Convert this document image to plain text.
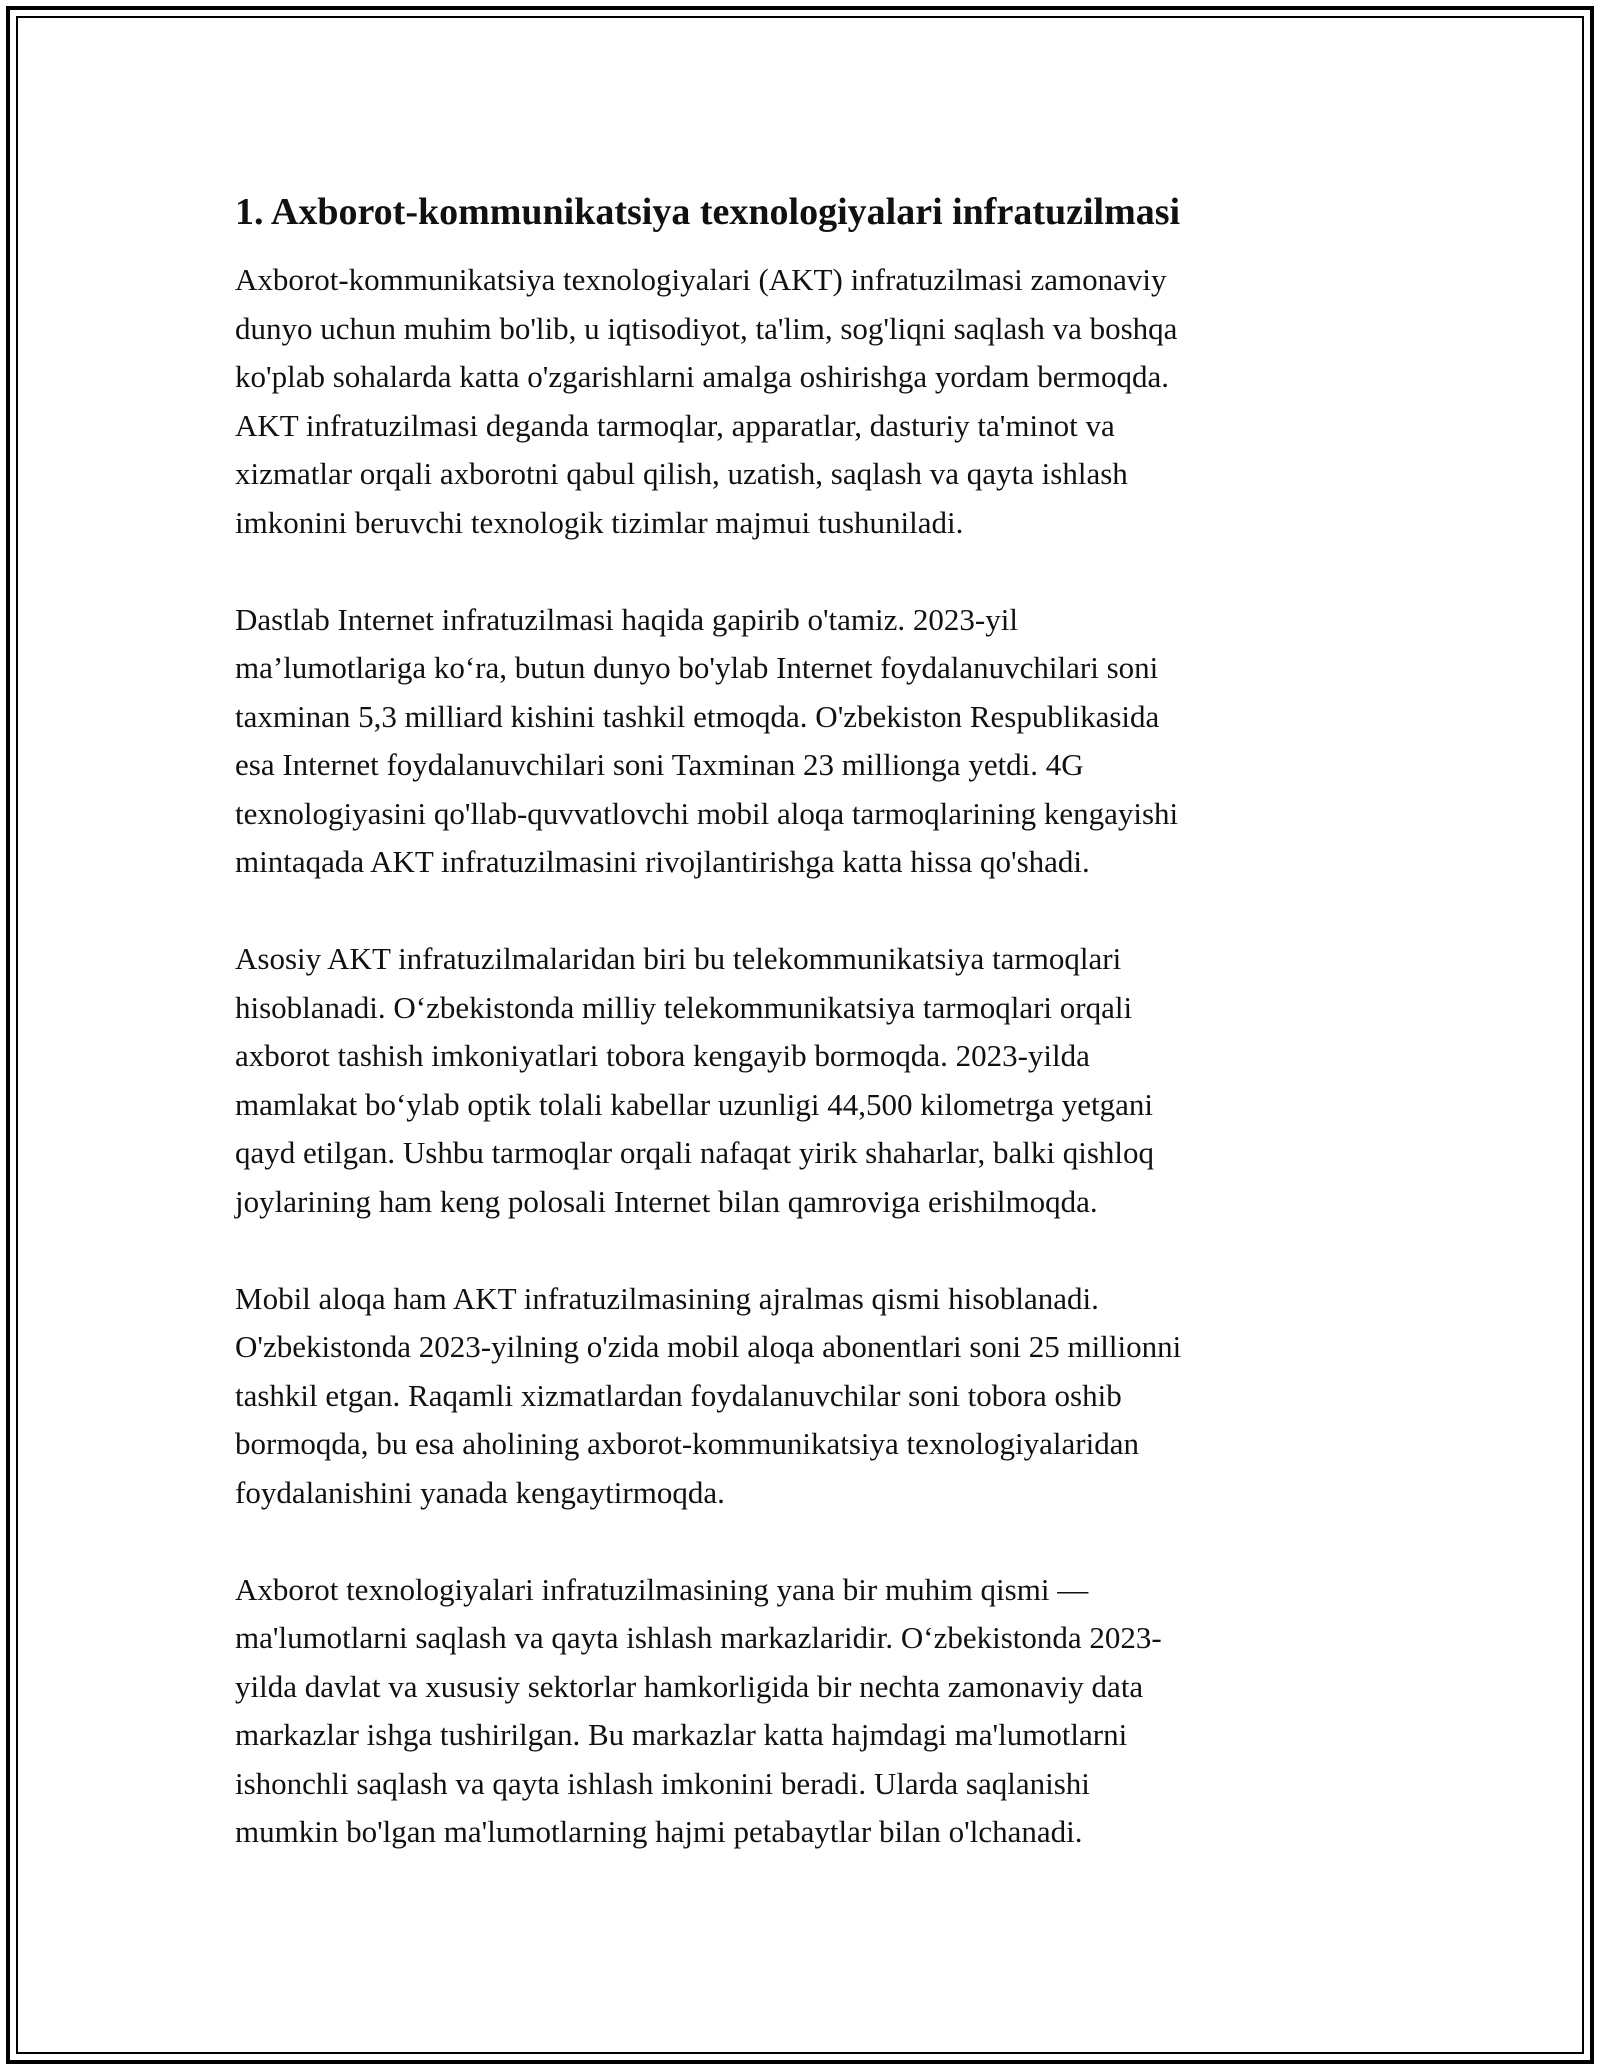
1. Axborot-kommunikatsiya texnologiyalari infratuzilmasi

Axborot-kommunikatsiya texnologiyalari (AKT) infratuzilmasi zamonaviy
dunyo uchun muhim bo'lib, u iqtisodiyot, ta'lim, sog'liqni saqlash va boshqa
ko'plab sohalarda katta o'zgarishlarni amalga oshirishga yordam bermoqda.
AKT infratuzilmasi deganda tarmoqlar, apparatlar, dasturiy ta'minot va
xizmatlar orqali axborotni qabul qilish, uzatish, saqlash va qayta ishlash
imkonini beruvchi texnologik tizimlar majmui tushuniladi.

Dastlab Internet infratuzilmasi haqida gapirib o'tamiz. 2023-yil
ma’lumotlariga ko‘ra, butun dunyo bo'ylab Internet foydalanuvchilari soni
taxminan 5,3 milliard kishini tashkil etmoqda. O'zbekiston Respublikasida
esa Internet foydalanuvchilari soni Taxminan 23 millionga yetdi. 4G
texnologiyasini qo'llab-quvvatlovchi mobil aloqa tarmoqlarining kengayishi
mintaqada AKT infratuzilmasini rivojlantirishga katta hissa qo'shadi.

Asosiy AKT infratuzilmalaridan biri bu telekommunikatsiya tarmoqlari
hisoblanadi. O‘zbekistonda milliy telekommunikatsiya tarmoqlari orqali
axborot tashish imkoniyatlari tobora kengayib bormoqda. 2023-yilda
mamlakat bo‘ylab optik tolali kabellar uzunligi 44,500 kilometrga yetgani
qayd etilgan. Ushbu tarmoqlar orqali nafaqat yirik shaharlar, balki qishloq
joylarining ham keng polosali Internet bilan qamroviga erishilmoqda.

Mobil aloqa ham AKT infratuzilmasining ajralmas qismi hisoblanadi.
O'zbekistonda 2023-yilning o'zida mobil aloqa abonentlari soni 25 millionni
tashkil etgan. Raqamli xizmatlardan foydalanuvchilar soni tobora oshib
bormoqda, bu esa aholining axborot-kommunikatsiya texnologiyalaridan
foydalanishini yanada kengaytirmoqda.

Axborot texnologiyalari infratuzilmasining yana bir muhim qismi —
ma'lumotlarni saqlash va qayta ishlash markazlaridir. O‘zbekistonda 2023-
yilda davlat va xususiy sektorlar hamkorligida bir nechta zamonaviy data
markazlar ishga tushirilgan. Bu markazlar katta hajmdagi ma'lumotlarni
ishonchli saqlash va qayta ishlash imkonini beradi. Ularda saqlanishi
mumkin bo'lgan ma'lumotlarning hajmi petabaytlar bilan o'lchanadi.
